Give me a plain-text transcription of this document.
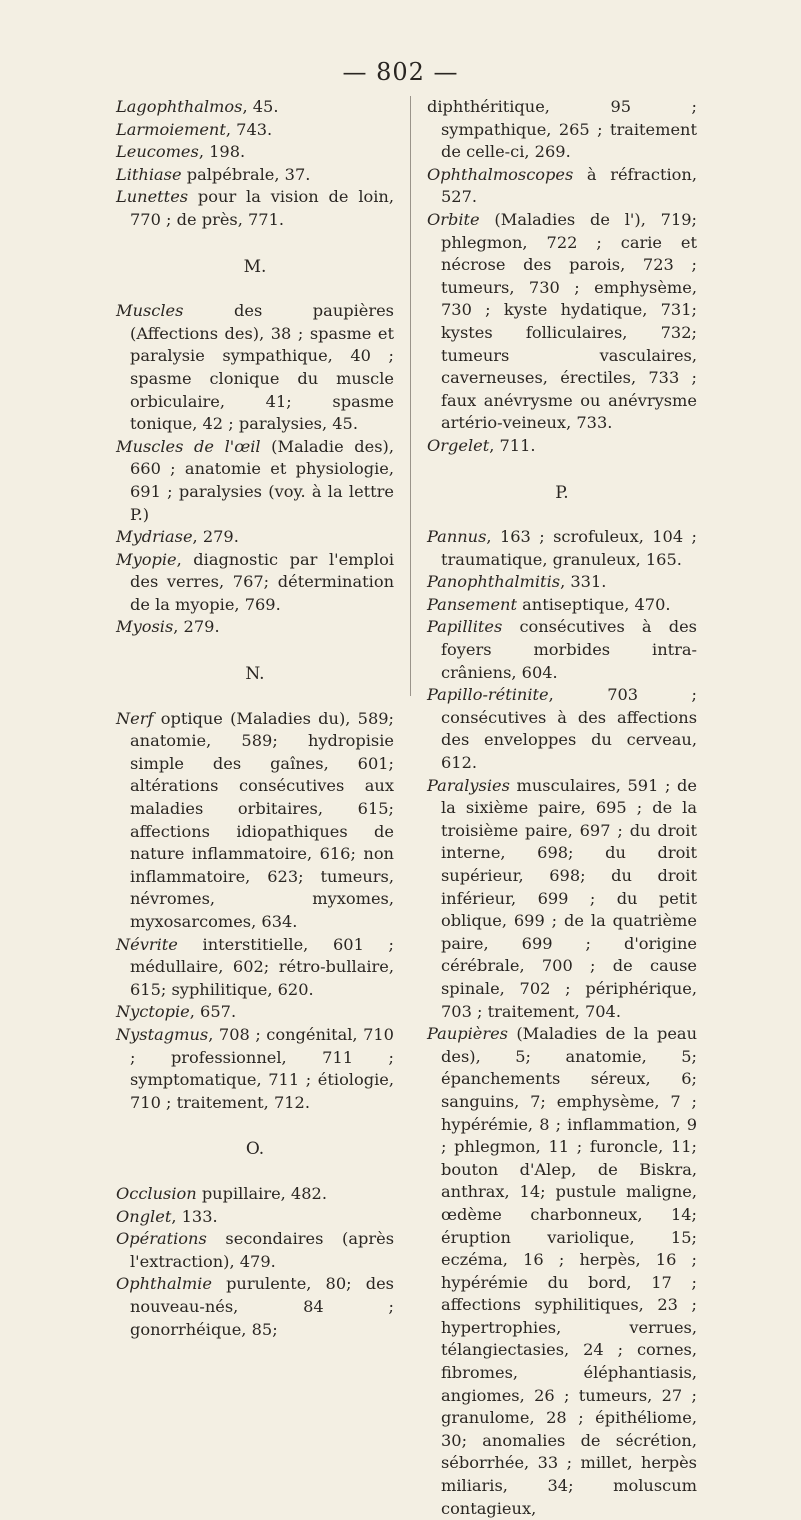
— 802 —
Lagophthalmos, 45.
Larmoiement, 743.
Leucomes, 198.
Lithiase palpébrale, 37.
Lunettes pour la vision de loin, 770 ; de près, 771.
M.
Muscles des paupières (Affections des), 38 ; spasme et paralysie sympathique, 40 ; spasme clonique du muscle orbiculaire, 41; spasme tonique, 42 ; paralysies, 45.
Muscles de l'œil (Maladie des), 660 ; anatomie et physiologie, 691 ; paralysies (voy. à la lettre P.)
Mydriase, 279.
Myopie, diagnostic par l'emploi des verres, 767; détermination de la myopie, 769.
Myosis, 279.
N.
Nerf optique (Maladies du), 589; anatomie, 589; hydropisie simple des gaînes, 601; altérations consécutives aux maladies orbitaires, 615; affections idiopathiques de nature inflammatoire, 616; non inflammatoire, 623; tumeurs, névromes, myxomes, myxosarcomes, 634.
Névrite interstitielle, 601 ; médullaire, 602; rétro-bullaire, 615; syphilitique, 620.
Nyctopie, 657.
Nystagmus, 708 ; congénital, 710 ; professionnel, 711 ; symptomatique, 711 ; étiologie, 710 ; traitement, 712.
O.
Occlusion pupillaire, 482.
Onglet, 133.
Opérations secondaires (après l'extraction), 479.
Ophthalmie purulente, 80; des nouveau-nés, 84 ; gonorrhéique, 85;
diphthéritique, 95 ; sympathique, 265 ; traitement de celle-ci, 269.
Ophthalmoscopes à réfraction, 527.
Orbite (Maladies de l'), 719; phlegmon, 722 ; carie et nécrose des parois, 723 ; tumeurs, 730 ; emphysème, 730 ; kyste hydatique, 731; kystes folliculaires, 732; tumeurs vasculaires, caverneuses, érectiles, 733 ; faux anévrysme ou anévrysme artério-veineux, 733.
Orgelet, 711.
P.
Pannus, 163 ; scrofuleux, 104 ; traumatique, granuleux, 165.
Panophthalmitis, 331.
Pansement antiseptique, 470.
Papillites consécutives à des foyers morbides intra-crâniens, 604.
Papillo-rétinite, 703 ; consécutives à des affections des enveloppes du cerveau, 612.
Paralysies musculaires, 591 ; de la sixième paire, 695 ; de la troisième paire, 697 ; du droit interne, 698; du droit supérieur, 698; du droit inférieur, 699 ; du petit oblique, 699 ; de la quatrième paire, 699 ; d'origine cérébrale, 700 ; de cause spinale, 702 ; périphérique, 703 ; traitement, 704.
Paupières (Maladies de la peau des), 5; anatomie, 5; épanchements séreux, 6; sanguins, 7; emphysème, 7 ; hypérémie, 8 ; inflammation, 9 ; phlegmon, 11 ; furoncle, 11; bouton d'Alep, de Biskra, anthrax, 14; pustule maligne, œdème charbonneux, 14; éruption variolique, 15; eczéma, 16 ; herpès, 16 ; hypérémie du bord, 17 ; affections syphilitiques, 23 ; hypertrophies, verrues, télangiectasies, 24 ; cornes, fibromes, éléphantiasis, angiomes, 26 ; tumeurs, 27 ; granulome, 28 ; épithéliome, 30; anomalies de sécrétion, séborrhée, 33 ; millet, herpès miliaris, 34; moluscum contagieux,
